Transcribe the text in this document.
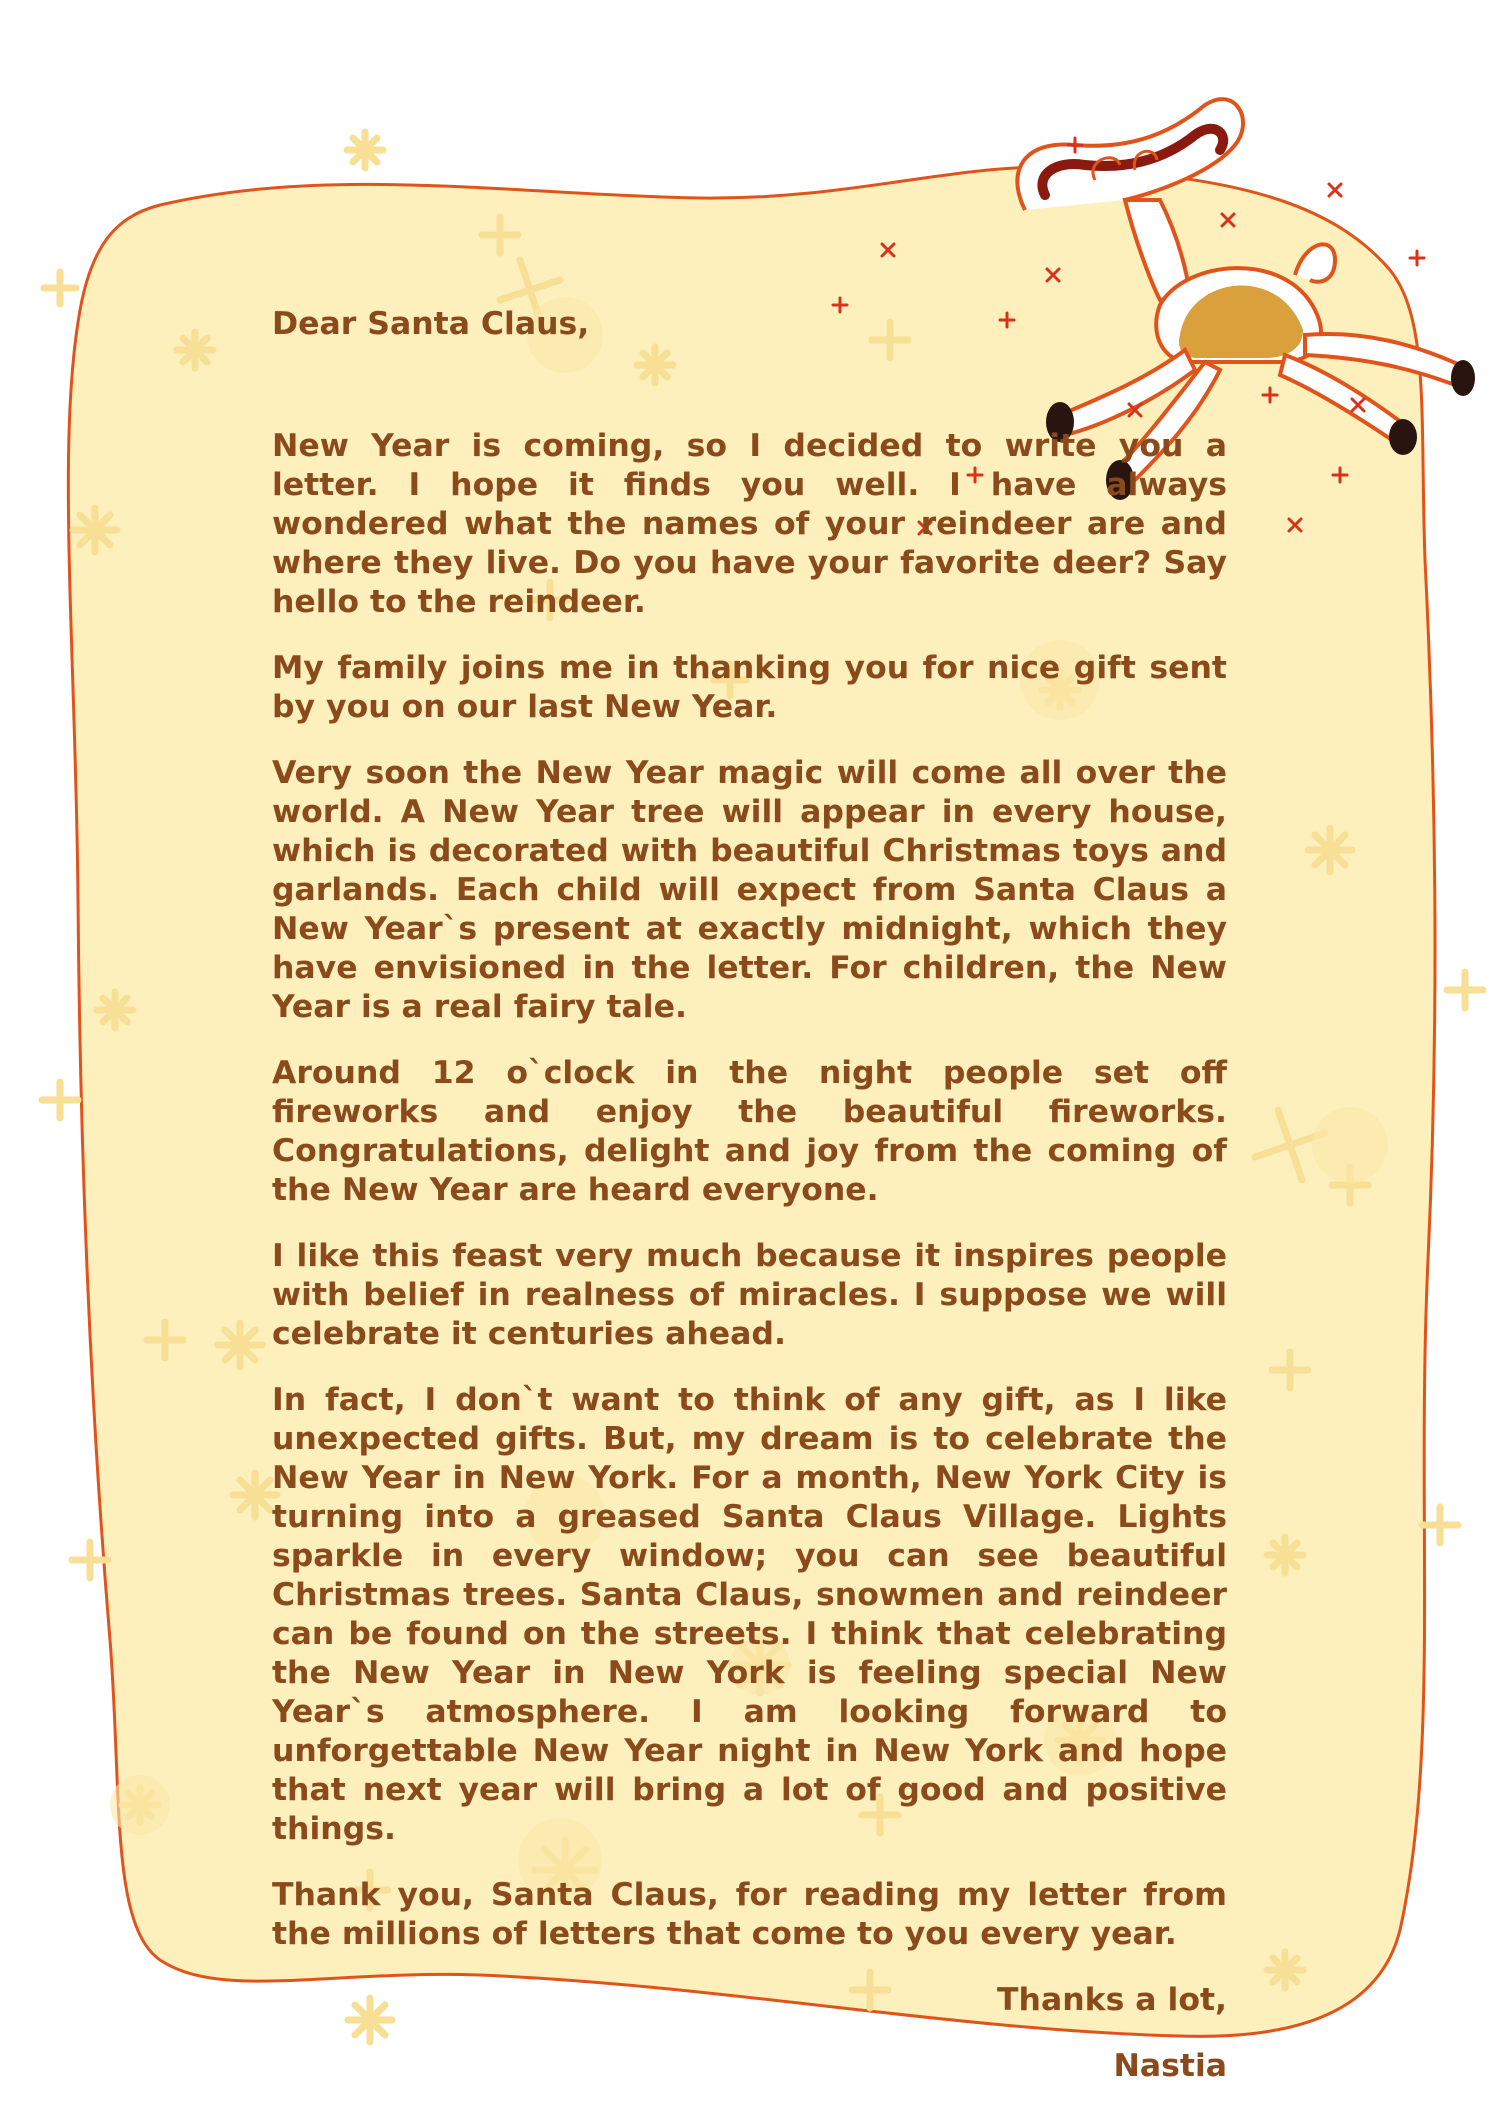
Dear Santa Claus,

New Year is coming, so I decided to write you a letter. I hope it finds you well. I have always wondered what the names of your reindeer are and where they live. Do you have your favorite deer? Say hello to the reindeer.

My family joins me in thanking you for nice gift sent by you on our last New Year.

Very soon the New Year magic will come all over the world. A New Year tree will appear in every house, which is decorated with beautiful Christmas toys and garlands. Each child will expect from Santa Claus a New Year`s present at exactly midnight, which they have envisioned in the letter. For children, the New Year is a real fairy tale.

Around 12 o`clock in the night people set off fireworks and enjoy the beautiful fireworks. Congratulations, delight and joy from the coming of the New Year are heard everyone.

I like this feast very much because it inspires people with belief in realness of miracles. I suppose we will celebrate it centuries ahead.

In fact, I don`t want to think of any gift, as I like unexpected gifts. But, my dream is to celebrate the New Year in New York. For a month, New York City is turning into a greased Santa Claus Village. Lights sparkle in every window; you can see beautiful Christmas trees. Santa Claus, snowmen and reindeer can be found on the streets. I think that celebrating the New Year in New York is feeling special New Year`s atmosphere. I am looking forward to unforgettable New Year night in New York and hope that next year will bring a lot of good and positive things.

Thank you, Santa Claus, for reading my letter from the millions of letters that come to you every year.

Thanks a lot,

Nastia
